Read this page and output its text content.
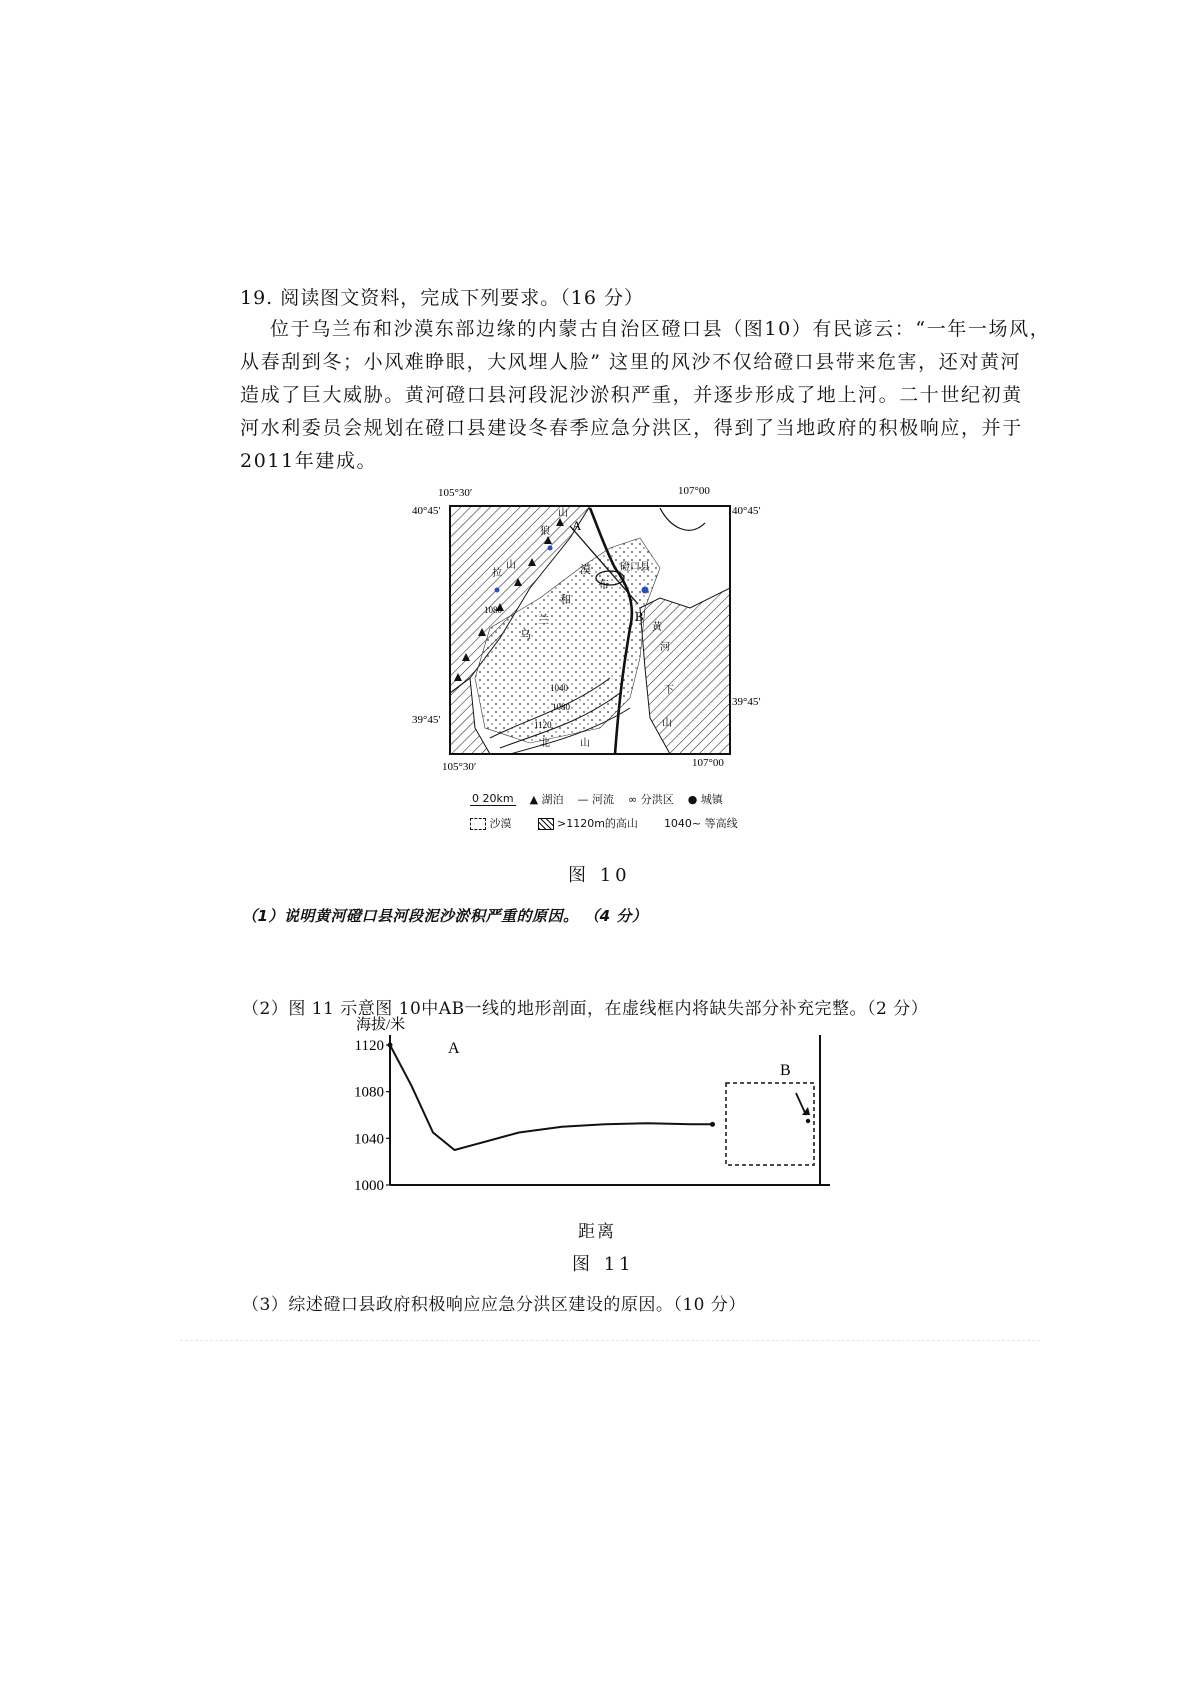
19. 阅读图文资料，完成下列要求。（16 分）
位于乌兰布和沙漠东部边缘的内蒙古自治区磴口县（图10）有民谚云：“一年一场风，
从春刮到冬；小风难睁眼，大风埋人脸” 这里的风沙不仅给磴口县带来危害，还对黄河
造成了巨大威胁。黄河磴口县河段泥沙淤积严重，并逐步形成了地上河。二十世纪初黄
河水利委员会规划在磴口县建设冬春季应急分洪区，得到了当地政府的积极响应，并于
2011年建成。
105°30′	107°00
40°45′	40°45′
39°45′
39°45′
105°30′	107°00
A
B
山
狼
拉
山
布
漠
和
兰
乌
磴口县
黄
河
下
山
1080
1040
1080
1120
北	山
0 20km ▲ 湖泊 — 河流 ∞ 分洪区 ● 城镇
沙漠	>1120m的高山 1040~ 等高线
图 10
（1）说明黄河磴口县河段泥沙淤积严重的原因。 （4 分）
（2）图 11 示意图 10中AB一线的地形剖面，在虚线框内将缺失部分补充完整。（2 分）
海拔/米
1000
1040
1080
1120	A
B
距离
图 11
（3）综述磴口县政府积极响应应急分洪区建设的原因。（10 分）
